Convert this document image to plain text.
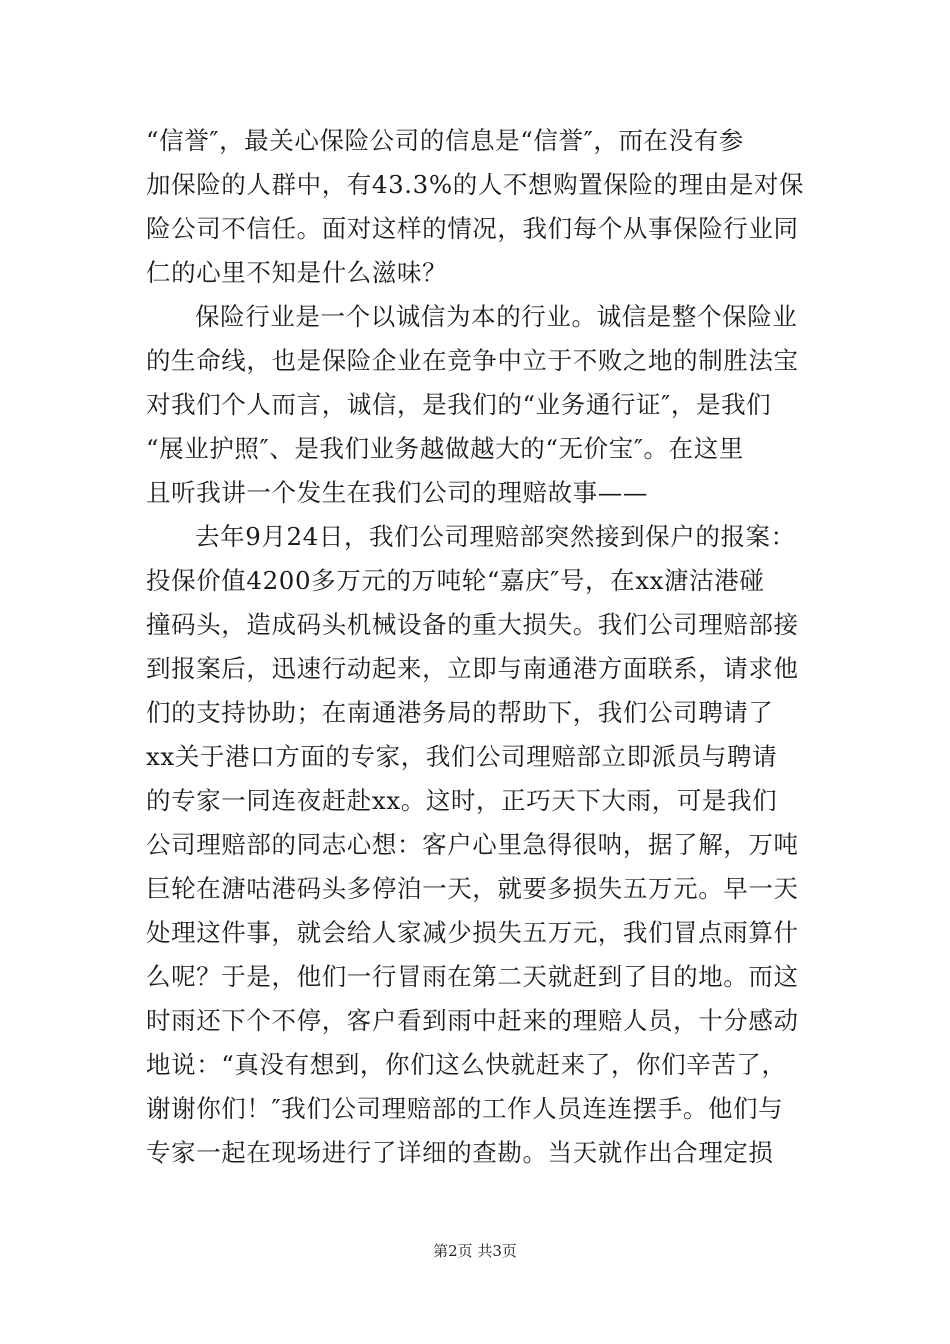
“信誉″，最关心保险公司的信息是“信誉″，而在没有参
加保险的人群中，有43.3%的人不想购置保险的理由是对保
险公司不信任。面对这样的情况，我们每个从事保险行业同
仁的心里不知是什么滋味？
保险行业是一个以诚信为本的行业。诚信是整个保险业
的生命线，也是保险企业在竞争中立于不败之地的制胜法宝
对我们个人而言，诚信，是我们的“业务通行证″，是我们
“展业护照″、是我们业务越做越大的“无价宝″。在这里
且听我讲一个发生在我们公司的理赔故事——
去年9月24日，我们公司理赔部突然接到保户的报案：
投保价值4200多万元的万吨轮“嘉庆″号，在xx溏沽港碰
撞码头，造成码头机械设备的重大损失。我们公司理赔部接
到报案后，迅速行动起来，立即与南通港方面联系，请求他
们的支持协助；在南通港务局的帮助下，我们公司聘请了
xx关于港口方面的专家，我们公司理赔部立即派员与聘请
的专家一同连夜赶赴xx。这时，正巧天下大雨，可是我们
公司理赔部的同志心想：客户心里急得很呐，据了解，万吨
巨轮在溏咕港码头多停泊一天，就要多损失五万元。早一天
处理这件事，就会给人家减少损失五万元，我们冒点雨算什
么呢？于是，他们一行冒雨在第二天就赶到了目的地。而这
时雨还下个不停，客户看到雨中赶来的理赔人员，十分感动
地说：“真没有想到，你们这么快就赶来了，你们辛苦了，
谢谢你们！″我们公司理赔部的工作人员连连摆手。他们与
专家一起在现场进行了详细的查勘。当天就作出合理定损
第2页 共3页
